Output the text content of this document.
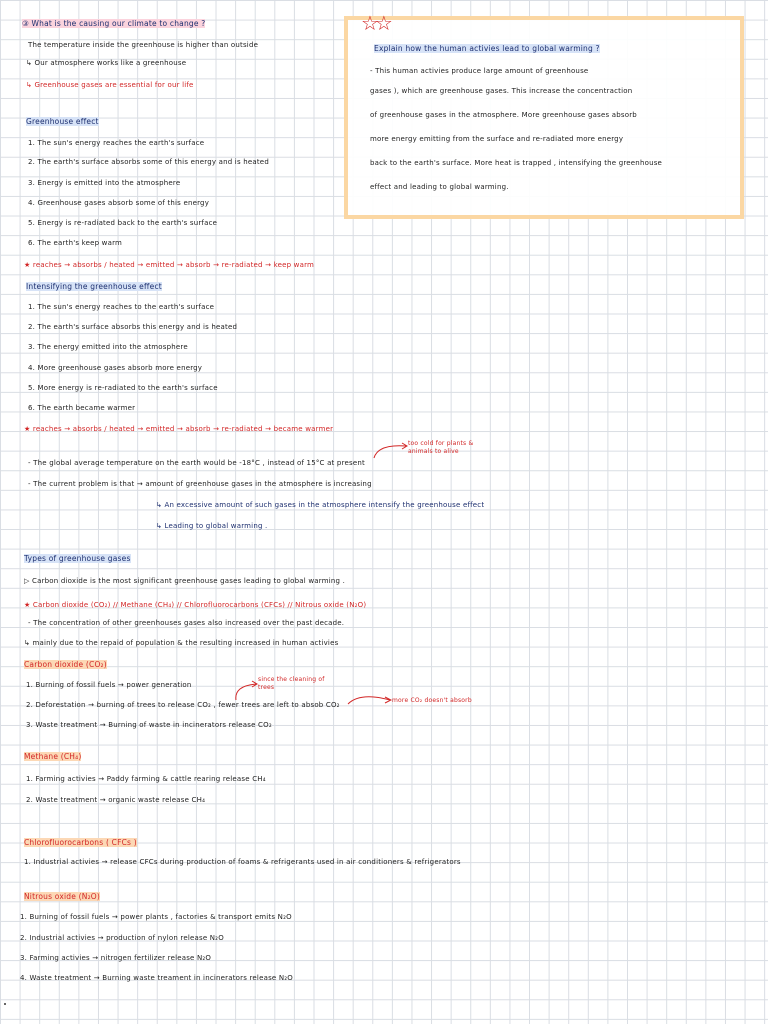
③ What is the causing our climate to change ?
The temperature inside the greenhouse is higher than outside
↳ Our atmosphere works like a greenhouse
↳ Greenhouse gases are essential for our life
☆☆
Explain how the human activies lead to global warming ?
- This human activies produce large amount of greenhouse
gases ), which are greenhouse gases. This increase the concentraction
of greenhouse gases in the atmosphere. More greenhouse gases absorb
more energy emitting from the surface and re-radiated more energy
back to the earth's surface. More heat is trapped , intensifying the greenhouse
effect and leading to global warming.
Greenhouse effect
1. The sun's energy reaches the earth's surface
2. The earth's surface absorbs some of this energy and is heated
3. Energy is emitted into the atmosphere
4. Greenhouse gases absorb some of this energy
5. Energy is re-radiated back to the earth's surface
6. The earth's keep warm
★ reaches → absorbs / heated → emitted → absorb → re-radiated → keep warm
Intensifying the greenhouse effect
1. The sun's energy reaches to the earth's surface
2. The earth's surface absorbs this energy and is heated
3. The energy emitted into the atmosphere
4. More greenhouse gases absorb more energy
5. More energy is re-radiated to the earth's surface
6. The earth became warmer
★ reaches → absorbs / heated → emitted → absorb → re-radiated → became warmer
too cold for plants & animals to alive
- The global average temperature on the earth would be -18°C , instead of 15°C at present
- The current problem is that → amount of greenhouse gases in the atmosphere is increasing
↳ An excessive amount of such gases in the atmosphere intensify the greenhouse effect
↳ Leading to global warming .
Types of greenhouse gases
▷ Carbon dioxide is the most significant greenhouse gases leading to global warming .
★ Carbon dioxide (CO₂) // Methane (CH₄) // Chlorofluorocarbons (CFCs) // Nitrous oxide (N₂O)
- The concentration of other greenhouses gases also increased over the past decade.
↳ mainly due to the repaid of population & the resulting increased in human activies
Carbon dioxide (CO₂)
since the cleaning of trees
more CO₂ doesn't absorb
1. Burning of fossil fuels → power generation
2. Deforestation → burning of trees to release CO₂ , fewer trees are left to absob CO₂
3. Waste treatment → Burning of waste in incinerators release CO₂
Methane (CH₄)
1. Farming activies → Paddy farming & cattle rearing release CH₄
2. Waste treatment → organic waste release CH₄
Chlorofluorocarbons ( CFCs )
1. Industrial activies → release CFCs during production of foams & refrigerants used in air conditioners & refrigerators
Nitrous oxide (N₂O)
1. Burning of fossil fuels → power plants , factories & transport emits N₂O
2. Industrial activies → production of nylon release N₂O
3. Farming activies → nitrogen fertilizer release N₂O
4. Waste treatment → Burning waste treament in incinerators release N₂O
